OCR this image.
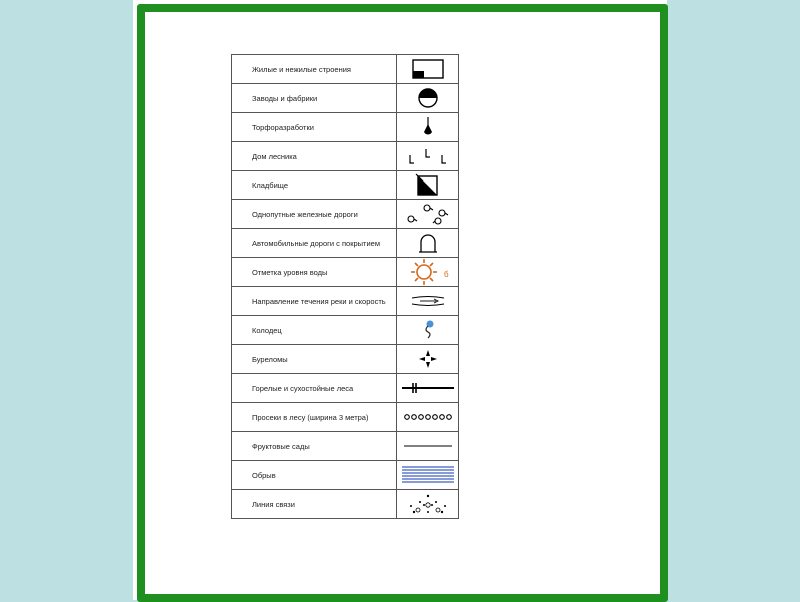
Жилые и нежилые строения	

Заводы и фабрики	

Торфоразработки	

Дом лесника	

Кладбище	

Однопутные железные дороги	

Автомобильные дороги с покрытием	

Отметка уровня воды	б

Направление течения реки и скорость	

Колодец	

Буреломы	

Горелые и сухостойные леса	

Просеки в лесу (ширина 3 метра)	

Фруктовые сады	

Обрыв	

Линия связи	
